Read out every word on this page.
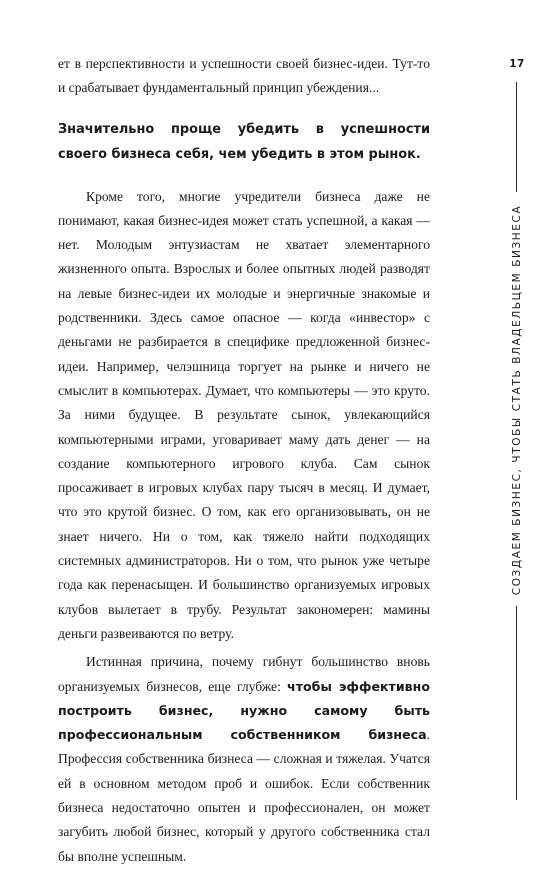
17
СОЗДАЕМ БИЗНЕС, ЧТОБЫ СТАТЬ ВЛАДЕЛЬЦЕМ БИЗНЕСА

ет в перспективности и успешности своей бизнес-идеи. Тут-то и срабатывает фундаментальный принцип убеждения...

Значительно проще убедить в успешности своего бизнеса себя, чем убедить в этом рынок.

Кроме того, многие учредители бизнеса даже не понимают, какая бизнес-идея может стать успешной, а какая — нет. Молодым энтузиастам не хватает элементарного жизненного опыта. Взрослых и более опытных людей разводят на левые бизнес-идеи их молодые и энергичные знакомые и родственники. Здесь самое опасное — когда «инвестор» с деньгами не разбирается в специфике предложенной бизнес-идеи. Например, челэшница торгует на рынке и ничего не смыслит в компьютерах. Думает, что компьютеры — это круто. За ними будущее. В результате сынок, увлекающийся компьютерными играми, уговаривает маму дать денег — на создание компьютерного игрового клуба. Сам сынок просаживает в игровых клубах пару тысяч в месяц. И думает, что это крутой бизнес. О том, как его организовывать, он не знает ничего. Ни о том, как тяжело найти подходящих системных администраторов. Ни о том, что рынок уже четыре года как перенасыщен. И большинство организуемых игровых клубов вылетает в трубу. Результат закономерен: мамины деньги развеиваются по ветру.

Истинная причина, почему гибнут большинство вновь организуемых бизнесов, еще глубже: чтобы эффективно построить бизнес, нужно самому быть профессиональным собственником бизнеса. Профессия собственника бизнеса — сложная и тяжелая. Учатся ей в основном методом проб и ошибок. Если собственник бизнеса недостаточно опытен и профессионален, он может загубить любой бизнес, который у другого собственника стал бы вполне успешным.
